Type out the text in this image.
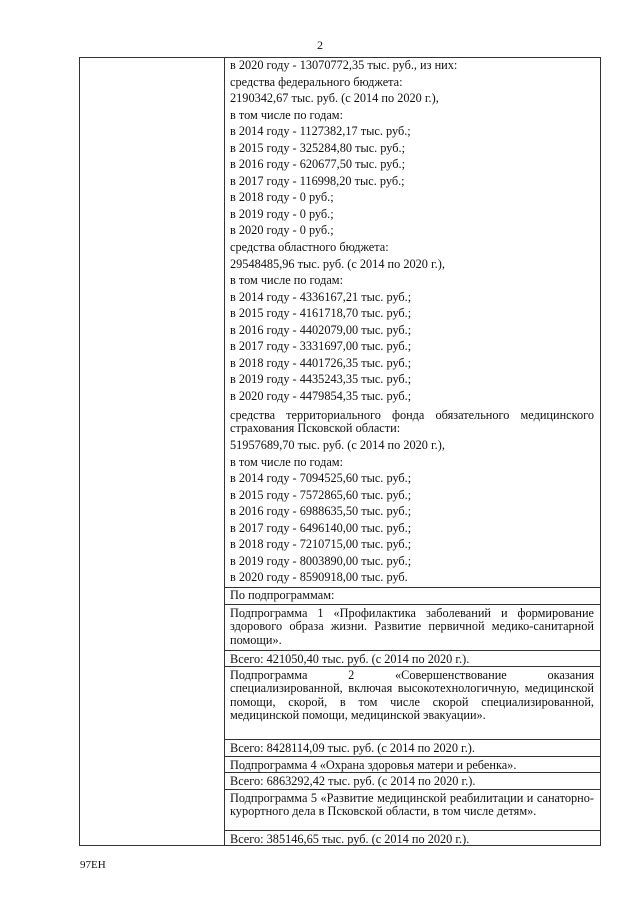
2
в 2020 году - 13070772,35 тыс. руб., из них:
средства федерального бюджета:
2190342,67 тыс. руб. (с 2014 по 2020 г.),
в том числе по годам:
в 2014 году - 1127382,17 тыс. руб.;
в 2015 году - 325284,80 тыс. руб.;
в 2016 году - 620677,50 тыс. руб.;
в 2017 году - 116998,20 тыс. руб.;
в 2018 году - 0 руб.;
в 2019 году - 0 руб.;
в 2020 году - 0 руб.;
средства областного бюджета:
29548485,96 тыс. руб. (с 2014 по 2020 г.),
в том числе по годам:
в 2014 году - 4336167,21 тыс. руб.;
в 2015 году - 4161718,70 тыс. руб.;
в 2016 году - 4402079,00 тыс. руб.;
в 2017 году - 3331697,00 тыс. руб.;
в 2018 году - 4401726,35 тыс. руб.;
в 2019 году - 4435243,35 тыс. руб.;
в 2020 году - 4479854,35 тыс. руб.;
средства территориального фонда обязательного медицинского страхования Псковской области:
51957689,70 тыс. руб. (с 2014 по 2020 г.),
в том числе по годам:
в 2014 году - 7094525,60 тыс. руб.;
в 2015 году - 7572865,60 тыс. руб.;
в 2016 году - 6988635,50 тыс. руб.;
в 2017 году - 6496140,00 тыс. руб.;
в 2018 году - 7210715,00 тыс. руб.;
в 2019 году - 8003890,00 тыс. руб.;
в 2020 году - 8590918,00 тыс. руб.
По подпрограммам:
Подпрограмма 1 «Профилактика заболеваний и формирование здорового образа жизни. Развитие первичной медико-санитарной помощи».
Всего: 421050,40 тыс. руб. (с 2014 по 2020 г.).
Подпрограмма 2 «Совершенствование оказания специализированной, включая высокотехнологичную, медицинской помощи, скорой, в том числе скорой специализированной, медицинской помощи, медицинской эвакуации».
Всего: 8428114,09 тыс. руб. (с 2014 по 2020 г.).
Подпрограмма 4 «Охрана здоровья матери и ребенка».
Всего: 6863292,42 тыс. руб. (с 2014 по 2020 г.).
Подпрограмма 5 «Развитие медицинской реабилитации и санаторно-курортного дела в Псковской области, в том числе детям».
Всего: 385146,65 тыс. руб. (с 2014 по 2020 г.).
97ЕН
